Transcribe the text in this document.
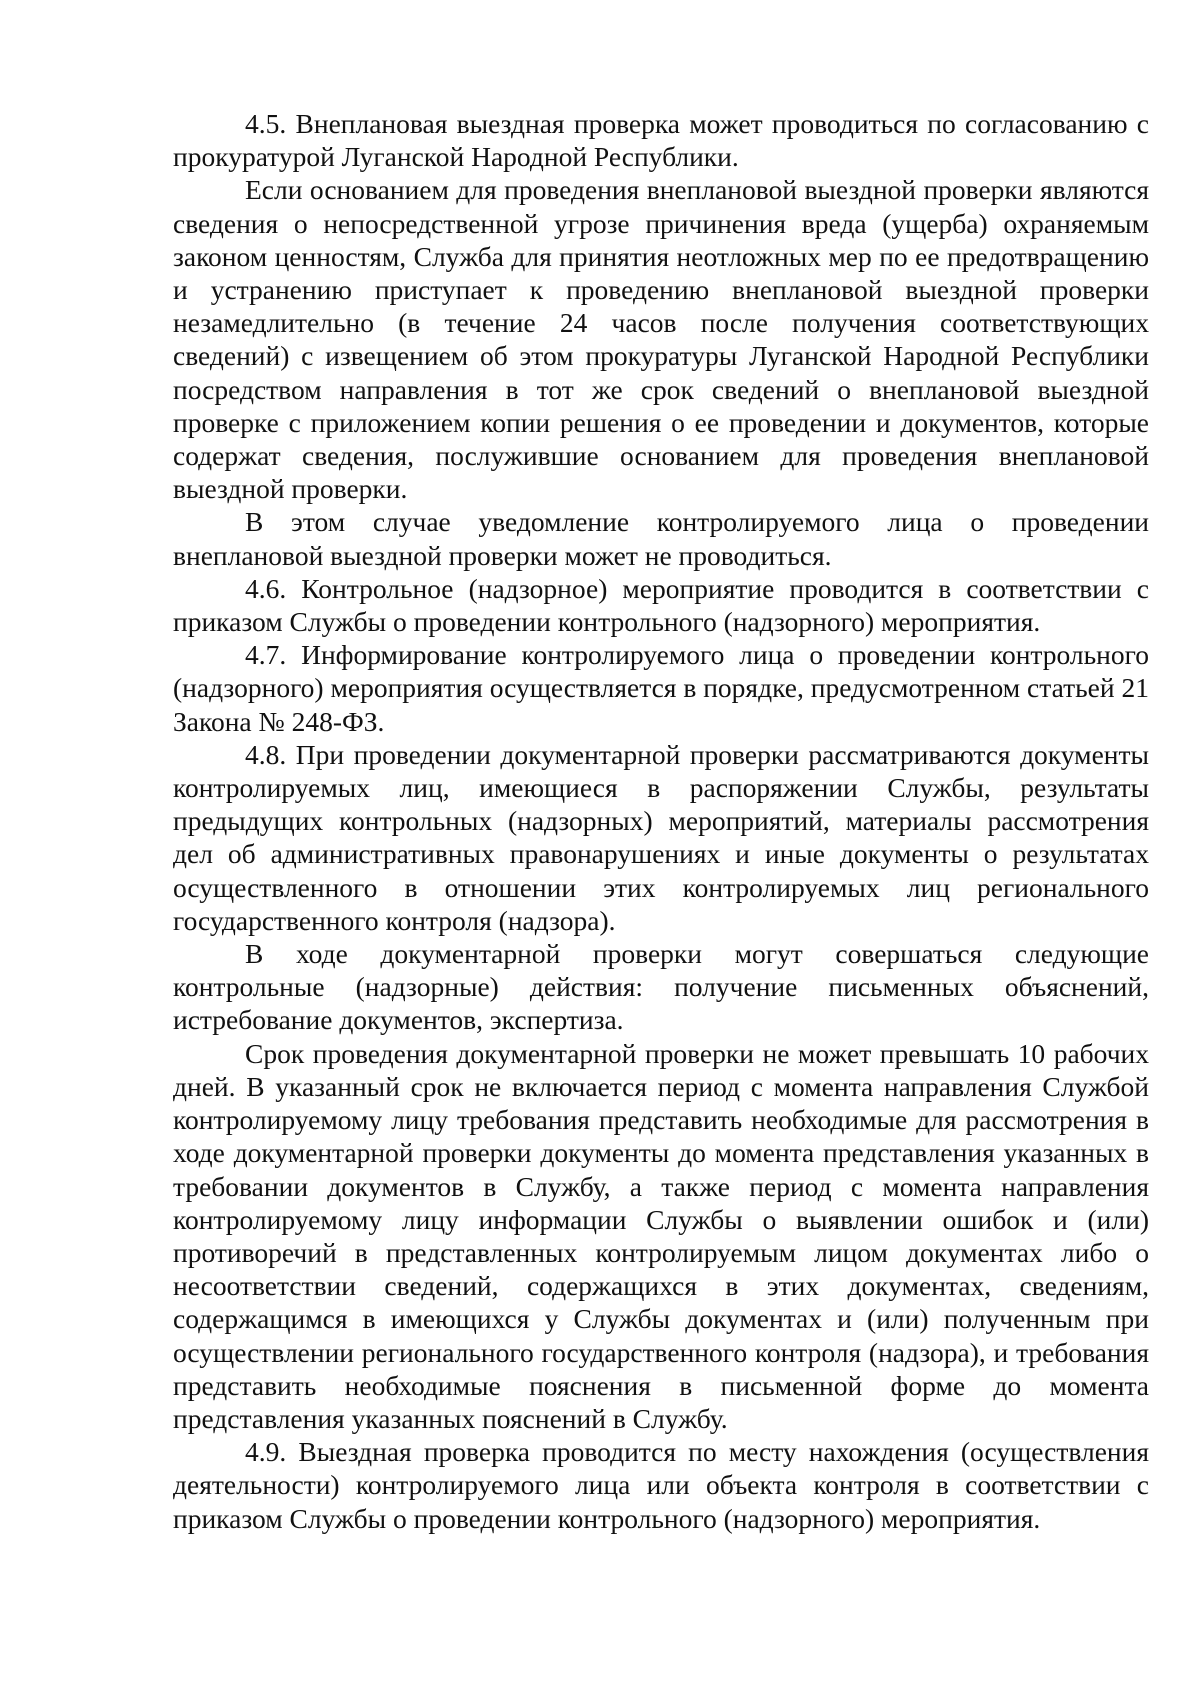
4.5. Внеплановая выездная проверка может проводиться по согласованию с прокуратурой Луганской Народной Республики.

Если основанием для проведения внеплановой выездной проверки являются сведения о непосредственной угрозе причинения вреда (ущерба) охраняемым законом ценностям, Служба для принятия неотложных мер по ее предотвращению и устранению приступает к проведению внеплановой выездной проверки незамедлительно (в течение 24 часов после получения соответствующих сведений) с извещением об этом прокуратуры Луганской Народной Республики посредством направления в тот же срок сведений о внеплановой выездной проверке с приложением копии решения о ее проведении и документов, которые содержат сведения, послужившие основанием для проведения внеплановой выездной проверки.

В этом случае уведомление контролируемого лица о проведении внеплановой выездной проверки может не проводиться.

4.6. Контрольное (надзорное) мероприятие проводится в соответствии с приказом Службы о проведении контрольного (надзорного) мероприятия.

4.7. Информирование контролируемого лица о проведении контрольного (надзорного) мероприятия осуществляется в порядке, предусмотренном статьей 21 Закона № 248-ФЗ.

4.8. При проведении документарной проверки рассматриваются документы контролируемых лиц, имеющиеся в распоряжении Службы, результаты предыдущих контрольных (надзорных) мероприятий, материалы рассмотрения дел об административных правонарушениях и иные документы о результатах осуществленного в отношении этих контролируемых лиц регионального государственного контроля (надзора).

В ходе документарной проверки могут совершаться следующие контрольные (надзорные) действия: получение письменных объяснений, истребование документов, экспертиза.

Срок проведения документарной проверки не может превышать 10 рабочих дней. В указанный срок не включается период с момента направления Службой контролируемому лицу требования представить необходимые для рассмотрения в ходе документарной проверки документы до момента представления указанных в требовании документов в Службу, а также период с момента направления контролируемому лицу информации Службы о выявлении ошибок и (или) противоречий в представленных контролируемым лицом документах либо о несоответствии сведений, содержащихся в этих документах, сведениям, содержащимся в имеющихся у Службы документах и (или) полученным при осуществлении регионального государственного контроля (надзора), и требования представить необходимые пояснения в письменной форме до момента представления указанных пояснений в Службу.

4.9. Выездная проверка проводится по месту нахождения (осуществления деятельности) контролируемого лица или объекта контроля в соответствии с приказом Службы о проведении контрольного (надзорного) мероприятия.
